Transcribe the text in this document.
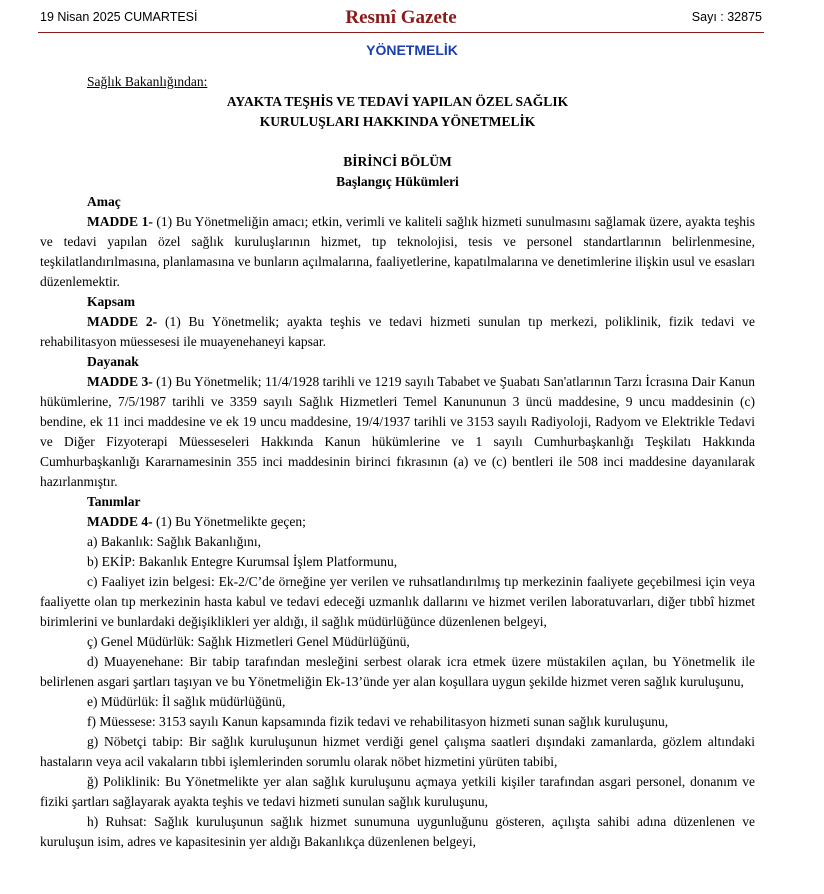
19 Nisan 2025 CUMARTESİ	Resmî Gazete	Sayı : 32875
YÖNETMELİK

Sağlık Bakanlığından:

AYAKTA TEŞHİS VE TEDAVİ YAPILAN ÖZEL SAĞLIK

KURULUŞLARI HAKKINDA YÖNETMELİK

BİRİNCİ BÖLÜM

Başlangıç Hükümleri

Amaç

MADDE 1- (1) Bu Yönetmeliğin amacı; etkin, verimli ve kaliteli sağlık hizmeti sunulmasını sağlamak üzere, ayakta teşhis ve tedavi yapılan özel sağlık kuruluşlarının hizmet, tıp teknolojisi, tesis ve personel standartlarının belirlenmesine, teşkilatlandırılmasına, planlamasına ve bunların açılmalarına, faaliyetlerine, kapatılmalarına ve denetimlerine ilişkin usul ve esasları düzenlemektir.

Kapsam

MADDE 2- (1) Bu Yönetmelik; ayakta teşhis ve tedavi hizmeti sunulan tıp merkezi, poliklinik, fizik tedavi ve rehabilitasyon müessesesi ile muayenehaneyi kapsar.

Dayanak

MADDE 3- (1) Bu Yönetmelik; 11/4/1928 tarihli ve 1219 sayılı Tababet ve Şuabatı San'atlarının Tarzı İcrasına Dair Kanun hükümlerine, 7/5/1987 tarihli ve 3359 sayılı Sağlık Hizmetleri Temel Kanununun 3 üncü maddesine, 9 uncu maddesinin (c) bendine, ek 11 inci maddesine ve ek 19 uncu maddesine, 19/4/1937 tarihli ve 3153 sayılı Radiyoloji, Radyom ve Elektrikle Tedavi ve Diğer Fizyoterapi Müesseseleri Hakkında Kanun hükümlerine ve 1 sayılı Cumhurbaşkanlığı Teşkilatı Hakkında Cumhurbaşkanlığı Kararnamesinin 355 inci maddesinin birinci fıkrasının (a) ve (c) bentleri ile 508 inci maddesine dayanılarak hazırlanmıştır.

Tanımlar

MADDE 4- (1) Bu Yönetmelikte geçen;

a) Bakanlık: Sağlık Bakanlığını,

b) EKİP: Bakanlık Entegre Kurumsal İşlem Platformunu,

c) Faaliyet izin belgesi: Ek-2/C’de örneğine yer verilen ve ruhsatlandırılmış tıp merkezinin faaliyete geçebilmesi için veya faaliyette olan tıp merkezinin hasta kabul ve tedavi edeceği uzmanlık dallarını ve hizmet verilen laboratuvarları, diğer tıbbî hizmet birimlerini ve bunlardaki değişiklikleri yer aldığı, il sağlık müdürlüğünce düzenlenen belgeyi,

ç) Genel Müdürlük: Sağlık Hizmetleri Genel Müdürlüğünü,

d) Muayenehane: Bir tabip tarafından mesleğini serbest olarak icra etmek üzere müstakilen açılan, bu Yönetmelik ile belirlenen asgari şartları taşıyan ve bu Yönetmeliğin Ek-13’ünde yer alan koşullara uygun şekilde hizmet veren sağlık kuruluşunu,

e) Müdürlük: İl sağlık müdürlüğünü,

f) Müessese: 3153 sayılı Kanun kapsamında fizik tedavi ve rehabilitasyon hizmeti sunan sağlık kuruluşunu,

g) Nöbetçi tabip: Bir sağlık kuruluşunun hizmet verdiği genel çalışma saatleri dışındaki zamanlarda, gözlem altındaki hastaların veya acil vakaların tıbbi işlemlerinden sorumlu olarak nöbet hizmetini yürüten tabibi,

ğ) Poliklinik: Bu Yönetmelikte yer alan sağlık kuruluşunu açmaya yetkili kişiler tarafından asgari personel, donanım ve fiziki şartları sağlayarak ayakta teşhis ve tedavi hizmeti sunulan sağlık kuruluşunu,

h) Ruhsat: Sağlık kuruluşunun sağlık hizmet sunumuna uygunluğunu gösteren, açılışta sahibi adına düzenlenen ve kuruluşun isim, adres ve kapasitesinin yer aldığı Bakanlıkça düzenlenen belgeyi,
